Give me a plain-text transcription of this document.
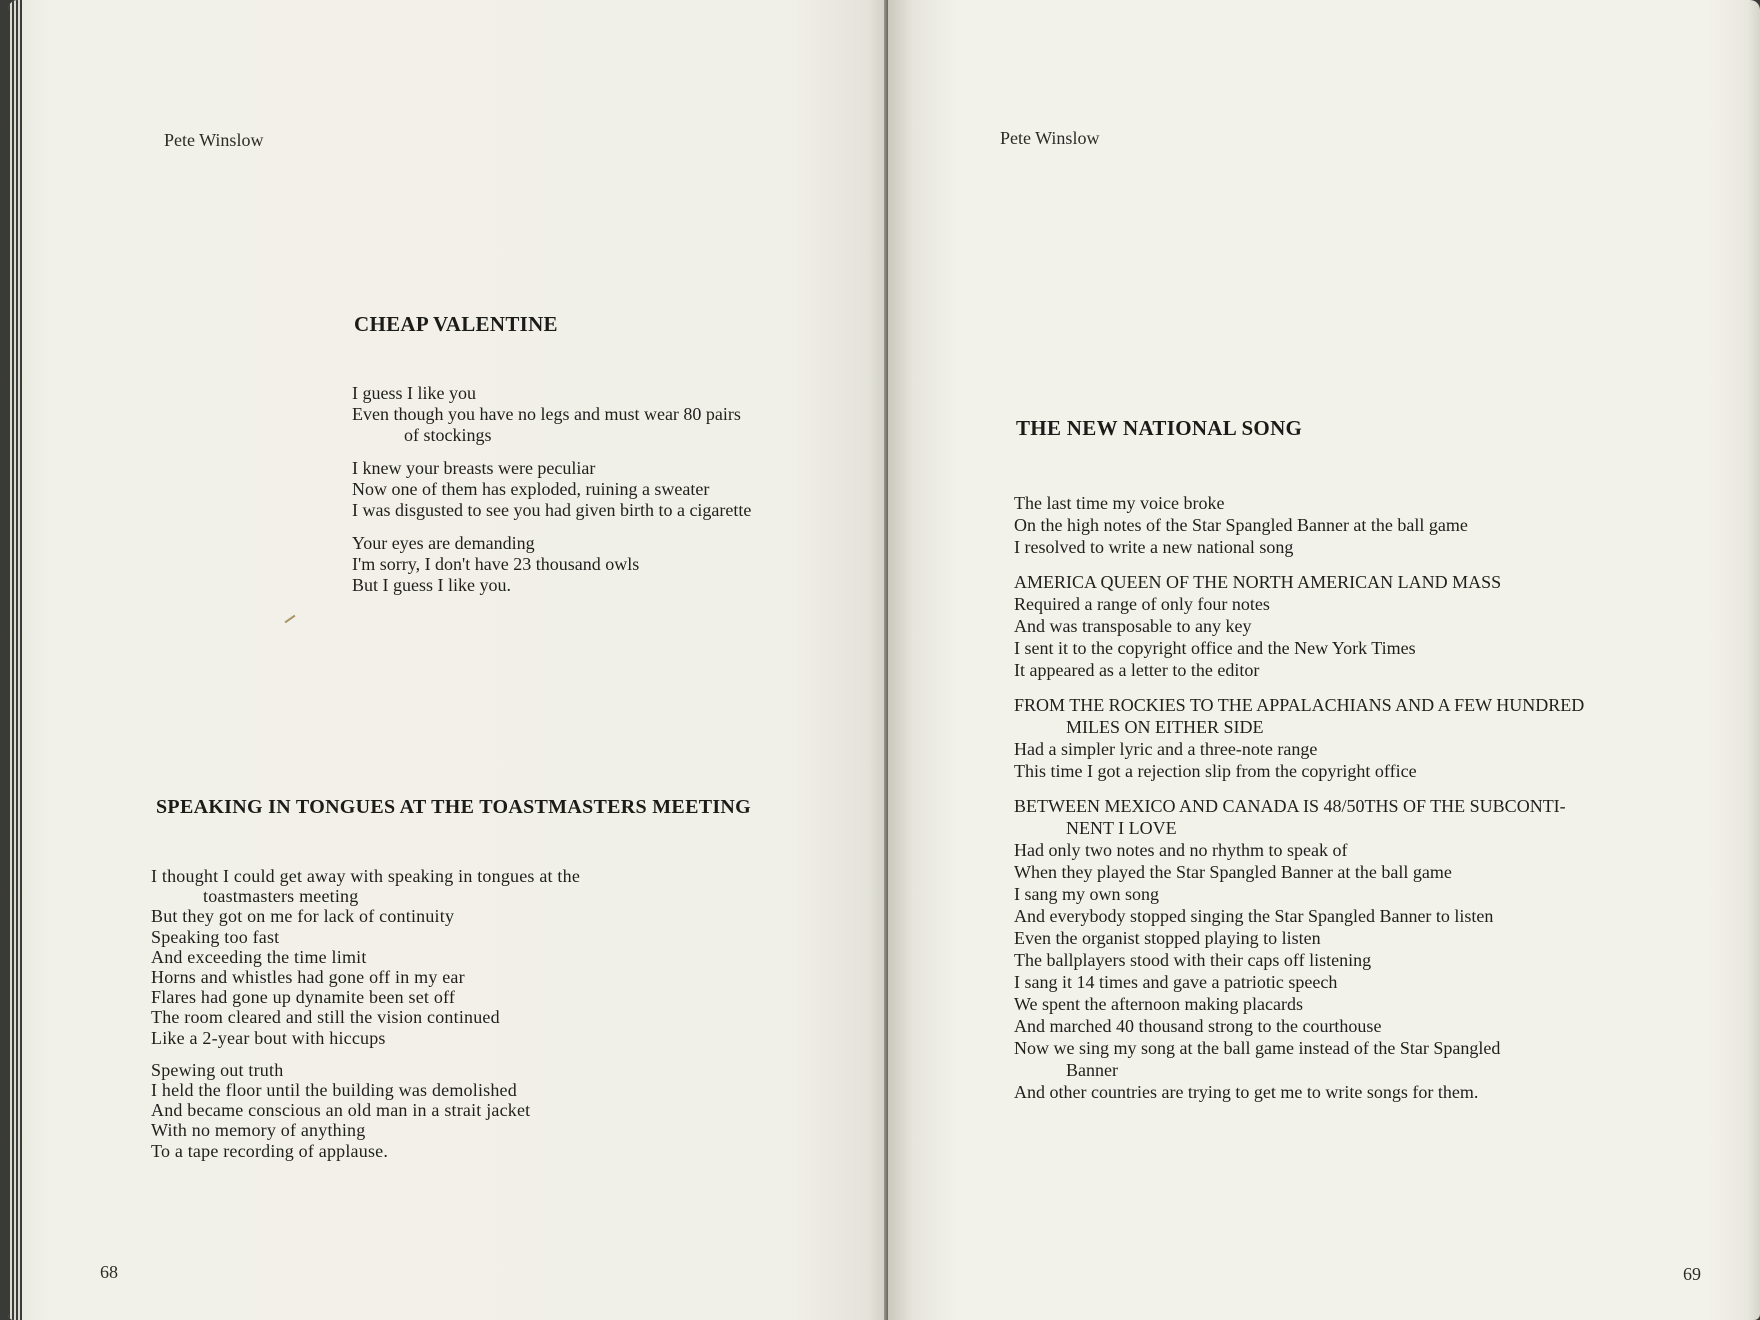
Pete Winslow
CHEAP VALENTINE
I guess I like you
Even though you have no legs and must wear 80 pairs
of stockings
I knew your breasts were peculiar
Now one of them has exploded, ruining a sweater
I was disgusted to see you had given birth to a cigarette
Your eyes are demanding
I'm sorry, I don't have 23 thousand owls
But I guess I like you.
SPEAKING IN TONGUES AT THE TOASTMASTERS MEETING
I thought I could get away with speaking in tongues at the
toastmasters meeting
But they got on me for lack of continuity
Speaking too fast
And exceeding the time limit
Horns and whistles had gone off in my ear
Flares had gone up dynamite been set off
The room cleared and still the vision continued
Like a 2-year bout with hiccups
Spewing out truth
I held the floor until the building was demolished
And became conscious an old man in a strait jacket
With no memory of anything
To a tape recording of applause.
68
Pete Winslow
THE NEW NATIONAL SONG
The last time my voice broke
On the high notes of the Star Spangled Banner at the ball game
I resolved to write a new national song
AMERICA QUEEN OF THE NORTH AMERICAN LAND MASS
Required a range of only four notes
And was transposable to any key
I sent it to the copyright office and the New York Times
It appeared as a letter to the editor
FROM THE ROCKIES TO THE APPALACHIANS AND A FEW HUNDRED
MILES ON EITHER SIDE
Had a simpler lyric and a three-note range
This time I got a rejection slip from the copyright office
BETWEEN MEXICO AND CANADA IS 48/50THS OF THE SUBCONTI-
NENT I LOVE
Had only two notes and no rhythm to speak of
When they played the Star Spangled Banner at the ball game
I sang my own song
And everybody stopped singing the Star Spangled Banner to listen
Even the organist stopped playing to listen
The ballplayers stood with their caps off listening
I sang it 14 times and gave a patriotic speech
We spent the afternoon making placards
And marched 40 thousand strong to the courthouse
Now we sing my song at the ball game instead of the Star Spangled
Banner
And other countries are trying to get me to write songs for them.
69
